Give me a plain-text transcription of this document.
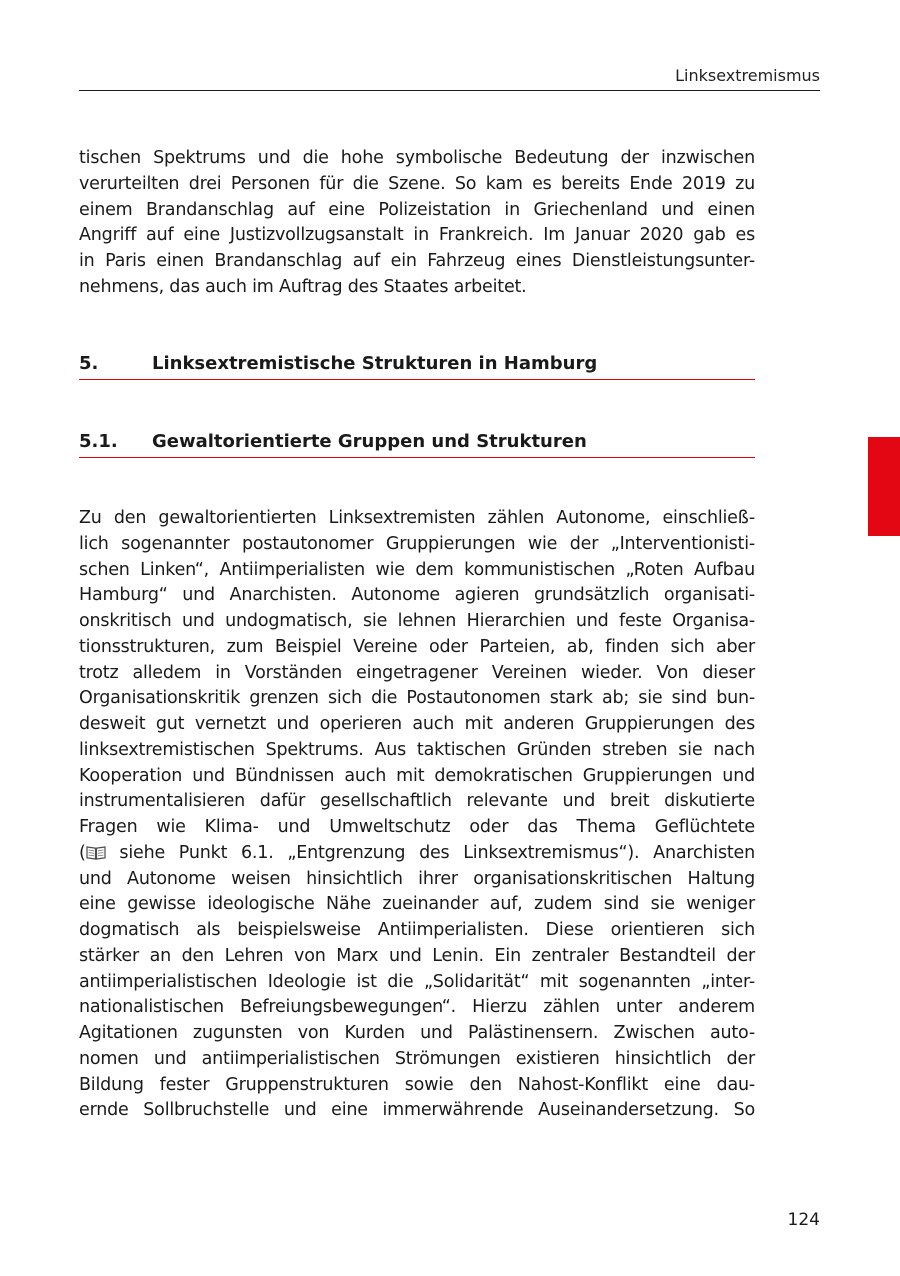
Linksextremismus
tischen Spektrums und die hohe symbolische Bedeutung der inzwischen
verurteilten drei Personen für die Szene. So kam es bereits Ende 2019 zu
einem Brandanschlag auf eine Polizeistation in Griechenland und einen
Angriff auf eine Justizvollzugsanstalt in Frankreich. Im Januar 2020 gab es
in Paris einen Brandanschlag auf ein Fahrzeug eines Dienstleistungsunter-
nehmens, das auch im Auftrag des Staates arbeitet.
5.	Linksextremistische Strukturen in Hamburg
5.1. Gewaltorientierte Gruppen und Strukturen
Zu den gewaltorientierten Linksextremisten zählen Autonome, einschließ-
lich sogenannter postautonomer Gruppierungen wie der „Interventionisti-
schen Linken“, Antiimperialisten wie dem kommunistischen „Roten Aufbau
Hamburg“ und Anarchisten. Autonome agieren grundsätzlich organisati-
onskritisch und undogmatisch, sie lehnen Hierarchien und feste Organisa-
tionsstrukturen, zum Beispiel Vereine oder Parteien, ab, finden sich aber
trotz alledem in Vorständen eingetragener Vereinen wieder. Von dieser
Organisationskritik grenzen sich die Postautonomen stark ab; sie sind bun-
desweit gut vernetzt und operieren auch mit anderen Gruppierungen des
linksextremistischen Spektrums. Aus taktischen Gründen streben sie nach
Kooperation und Bündnissen auch mit demokratischen Gruppierungen und
instrumentalisieren dafür gesellschaftlich relevante und breit diskutierte
Fragen wie Klima- und Umweltschutz oder das Thema Geflüchtete
( siehe Punkt 6.1. „Entgrenzung des Linksextremismus“). Anarchisten
und Autonome weisen hinsichtlich ihrer organisationskritischen Haltung
eine gewisse ideologische Nähe zueinander auf, zudem sind sie weniger
dogmatisch als beispielsweise Antiimperialisten. Diese orientieren sich
stärker an den Lehren von Marx und Lenin. Ein zentraler Bestandteil der
antiimperialistischen Ideologie ist die „Solidarität“ mit sogenannten „inter-
nationalistischen Befreiungsbewegungen“. Hierzu zählen unter anderem
Agitationen zugunsten von Kurden und Palästinensern. Zwischen auto-
nomen und antiimperialistischen Strömungen existieren hinsichtlich der
Bildung fester Gruppenstrukturen sowie den Nahost-Konflikt eine dau-
ernde Sollbruchstelle und eine immerwährende Auseinandersetzung. So
124
